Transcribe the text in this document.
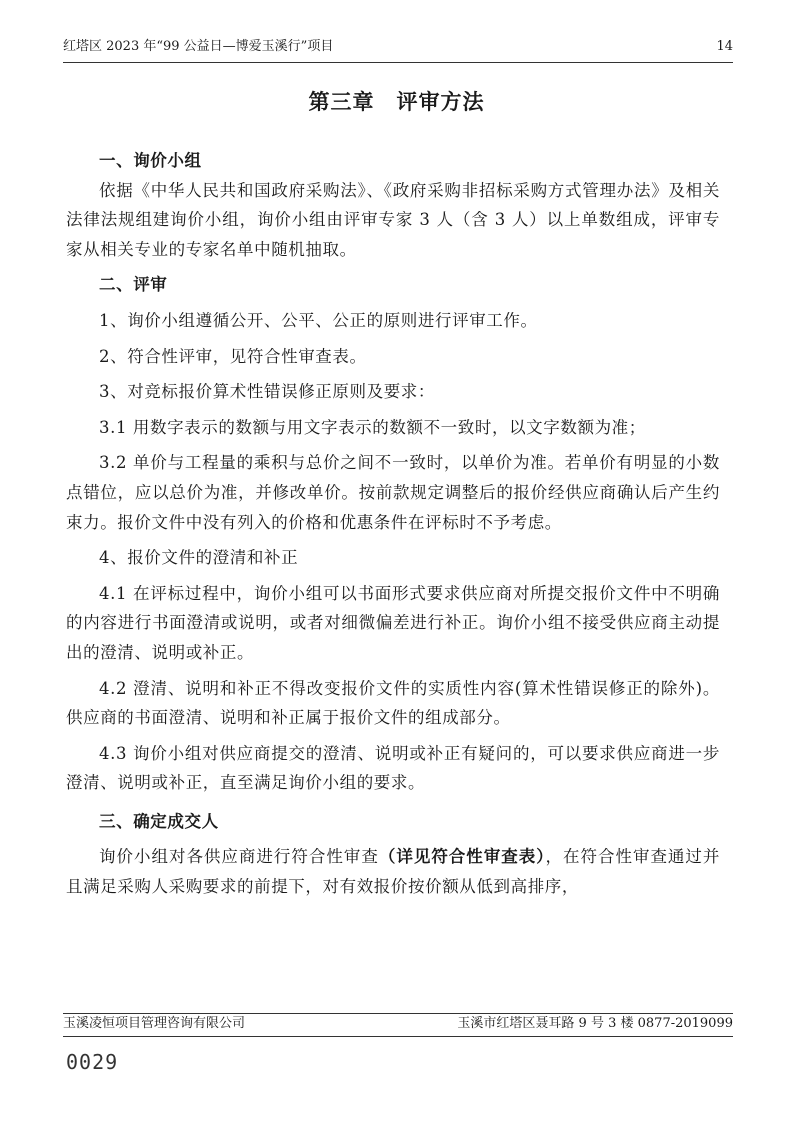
红塔区 2023 年“99 公益日—博爱玉溪行”项目	14
第三章　评审方法
一、询价小组

依据《中华人民共和国政府采购法》、《政府采购非招标采购方式管理办法》及相关法律法规组建询价小组，询价小组由评审专家 3 人（含 3 人）以上单数组成，评审专家从相关专业的专家名单中随机抽取。

二、评审

1、询价小组遵循公开、公平、公正的原则进行评审工作。

2、符合性评审，见符合性审查表。

3、对竞标报价算术性错误修正原则及要求：

3.1 用数字表示的数额与用文字表示的数额不一致时，以文字数额为准；

3.2 单价与工程量的乘积与总价之间不一致时，以单价为准。若单价有明显的小数点错位，应以总价为准，并修改单价。按前款规定调整后的报价经供应商确认后产生约束力。报价文件中没有列入的价格和优惠条件在评标时不予考虑。

4、报价文件的澄清和补正

4.1 在评标过程中，询价小组可以书面形式要求供应商对所提交报价文件中不明确的内容进行书面澄清或说明，或者对细微偏差进行补正。询价小组不接受供应商主动提出的澄清、说明或补正。

4.2 澄清、说明和补正不得改变报价文件的实质性内容(算术性错误修正的除外)。供应商的书面澄清、说明和补正属于报价文件的组成部分。

4.3 询价小组对供应商提交的澄清、说明或补正有疑问的，可以要求供应商进一步澄清、说明或补正，直至满足询价小组的要求。

三、确定成交人

询价小组对各供应商进行符合性审查（详见符合性审查表），在符合性审查通过并且满足采购人采购要求的前提下，对有效报价按价额从低到高排序，

玉溪凌恒项目管理咨询有限公司	玉溪市红塔区聂耳路 9 号 3 楼 0877-2019099
0029
